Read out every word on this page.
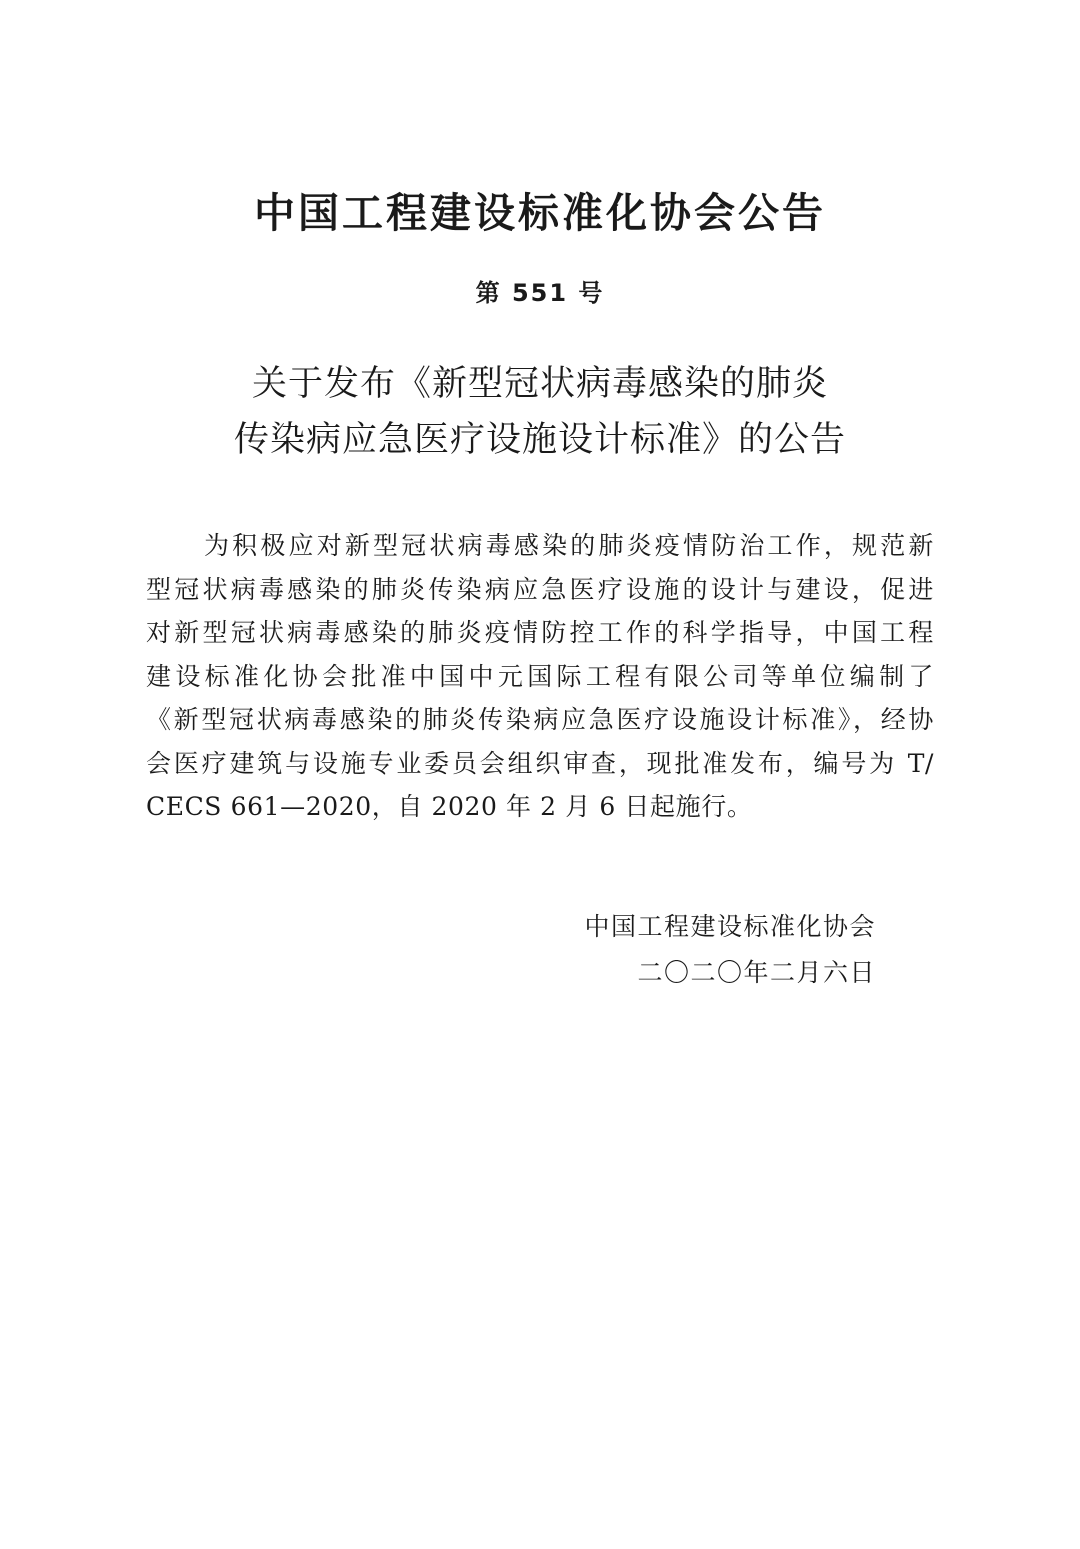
中国工程建设标准化协会公告
第 551 号
关于发布《新型冠状病毒感染的肺炎
传染病应急医疗设施设计标准》的公告
为积极应对新型冠状病毒感染的肺炎疫情防治工作，规范新
型冠状病毒感染的肺炎传染病应急医疗设施的设计与建设，促进
对新型冠状病毒感染的肺炎疫情防控工作的科学指导，中国工程
建设标准化协会批准中国中元国际工程有限公司等单位编制了
《新型冠状病毒感染的肺炎传染病应急医疗设施设计标准》，经协
会医疗建筑与设施专业委员会组织审查，现批准发布，编号为 T/
CECS 661—2020，自 2020 年 2 月 6 日起施行。
中国工程建设标准化协会
二〇二〇年二月六日
